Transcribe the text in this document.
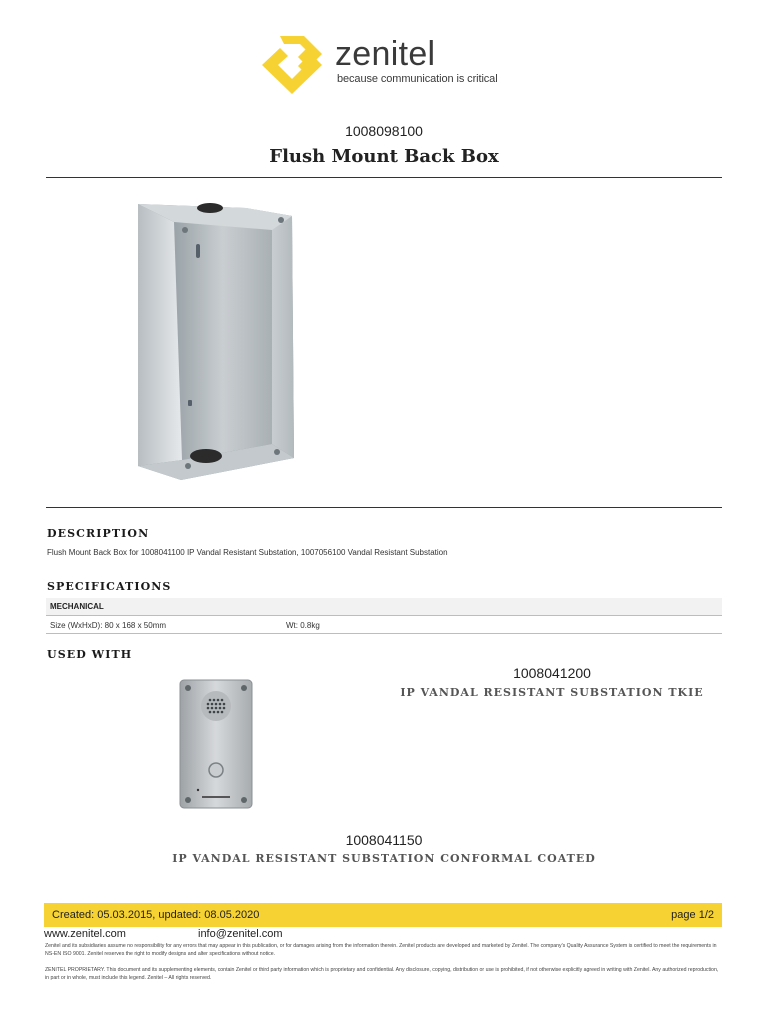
zenitel
because communication is critical
1008098100
Flush Mount Back Box
DESCRIPTION
Flush Mount Back Box for 1008041100 IP Vandal Resistant Substation, 1007056100 Vandal Resistant Substation
SPECIFICATIONS
MECHANICAL
Size (WxHxD): 80 x 168 x 50mm	Wt: 0.8kg
USED WITH
1008041200
IP VANDAL RESISTANT SUBSTATION TKIE
1008041150
IP VANDAL RESISTANT SUBSTATION CONFORMAL COATED
Created: 05.03.2015, updated: 08.05.2020	page 1/2
www.zenitel.com	info@zenitel.com
Zenitel and its subsidiaries assume no responsibility for any errors that may appear in this publication, or for damages arising from the information therein. Zenitel products are developed and marketed by Zenitel. The company's Quality Assurance System is certified to meet the requirements in NS-EN ISO 9001. Zenitel reserves the right to modify designs and alter specifications without notice.
ZENITEL PROPRIETARY. This document and its supplementing elements, contain Zenitel or third party information which is proprietary and confidential. Any disclosure, copying, distribution or use is prohibited, if not otherwise explicitly agreed in writing with Zenitel. Any authorized reproduction, in part or in whole, must include this legend. Zenitel – All rights reserved.
